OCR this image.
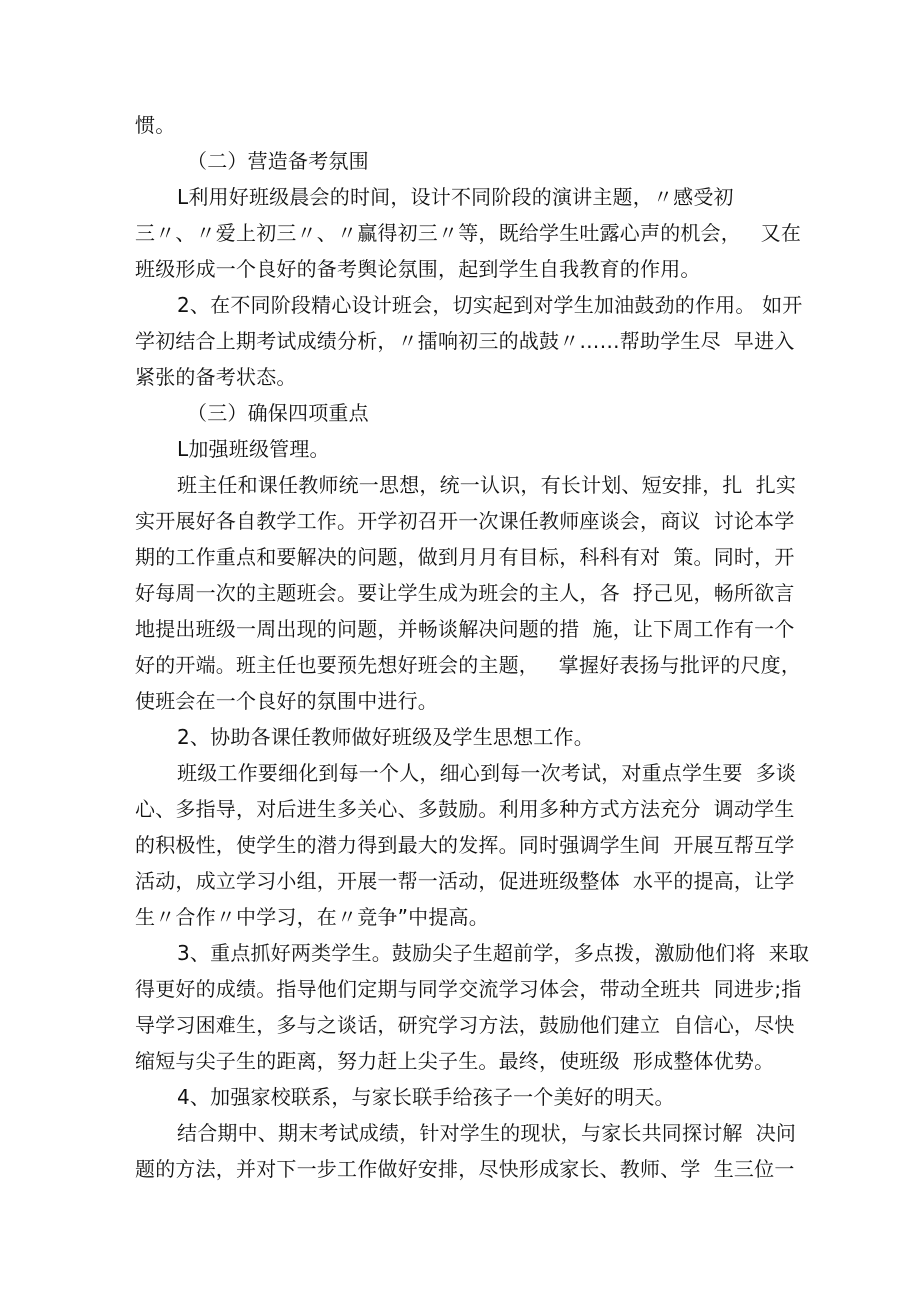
惯。

（二）营造备考氛围

L利用好班级晨会的时间，设计不同阶段的演讲主题，〃感受初

三〃、〃爱上初三〃、〃赢得初三〃等，既给学生吐露心声的机会，   又在

班级形成一个良好的备考舆论氛围，起到学生自我教育的作用。

2、在不同阶段精心设计班会，切实起到对学生加油鼓劲的作用。 如开

学初结合上期考试成绩分析，〃擂响初三的战鼓〃……帮助学生尽  早进入

紧张的备考状态。

（三）确保四项重点

L加强班级管理。

班主任和课任教师统一思想，统一认识，有长计划、短安排，扎  扎实

实开展好各自教学工作。开学初召开一次课任教师座谈会，商议  讨论本学

期的工作重点和要解决的问题，做到月月有目标，科科有对  策。同时，开

好每周一次的主题班会。要让学生成为班会的主人，各  抒己见，畅所欲言

地提出班级一周出现的问题，并畅谈解决问题的措  施，让下周工作有一个

好的开端。班主任也要预先想好班会的主题，   掌握好表扬与批评的尺度，

使班会在一个良好的氛围中进行。

2、协助各课任教师做好班级及学生思想工作。

班级工作要细化到每一个人，细心到每一次考试，对重点学生要  多谈

心、多指导，对后进生多关心、多鼓励。利用多种方式方法充分  调动学生

的积极性，使学生的潜力得到最大的发挥。同时强调学生间  开展互帮互学

活动，成立学习小组，开展一帮一活动，促进班级整体  水平的提高，让学

生〃合作〃中学习，在〃竞争”中提高。

3、重点抓好两类学生。鼓励尖子生超前学，多点拨，激励他们将  来取

得更好的成绩。指导他们定期与同学交流学习体会，带动全班共  同进步;指

导学习困难生，多与之谈话，研究学习方法，鼓励他们建立  自信心，尽快

缩短与尖子生的距离，努力赶上尖子生。最终，使班级  形成整体优势。

4、加强家校联系，与家长联手给孩子一个美好的明天。

结合期中、期末考试成绩，针对学生的现状，与家长共同探讨解  决问

题的方法，并对下一步工作做好安排，尽快形成家长、教师、学  生三位一
